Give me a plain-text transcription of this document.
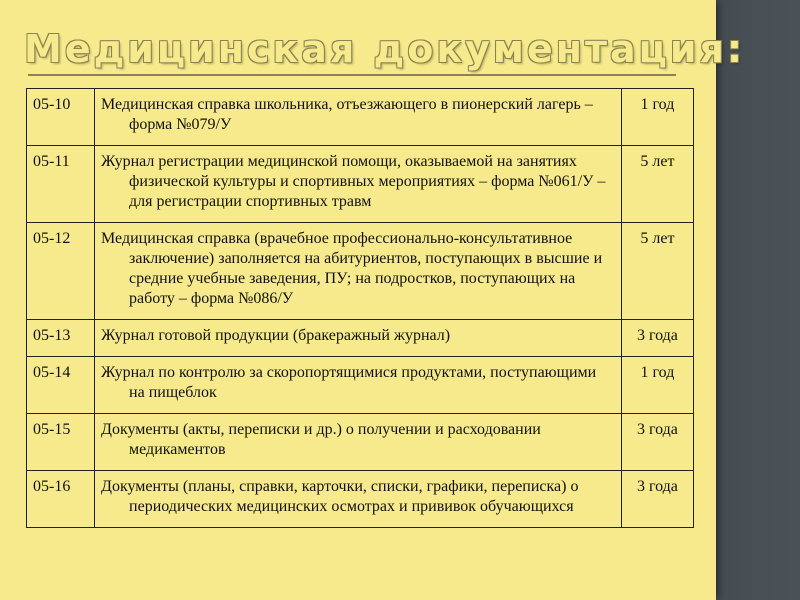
Медицинская документация:
05-10	Медицинская справка школьника, отъезжающего в пионерский лагерь – форма №079/У	1 год
05-11	Журнал регистрации медицинской помощи, оказываемой на занятиях физической культуры и спортивных мероприятиях – форма №061/У – для регистрации спортивных травм	5 лет
05-12	Медицинская справка (врачебное профессионально-консультативное заключение) заполняется на абитуриентов, поступающих в высшие и средние учебные заведения, ПУ; на подростков, поступающих на работу – форма №086/У	5 лет
05-13	Журнал готовой продукции (бракеражный журнал)	3 года
05-14	Журнал по контролю за скоропортящимися продуктами, поступающими на пищеблок	1 год
05-15	Документы (акты, переписки и др.) о получении и расходовании медикаментов	3 года
05-16	Документы (планы, справки, карточки, списки, графики, переписка) о периодических медицинских осмотрах и прививок обучающихся	3 года
